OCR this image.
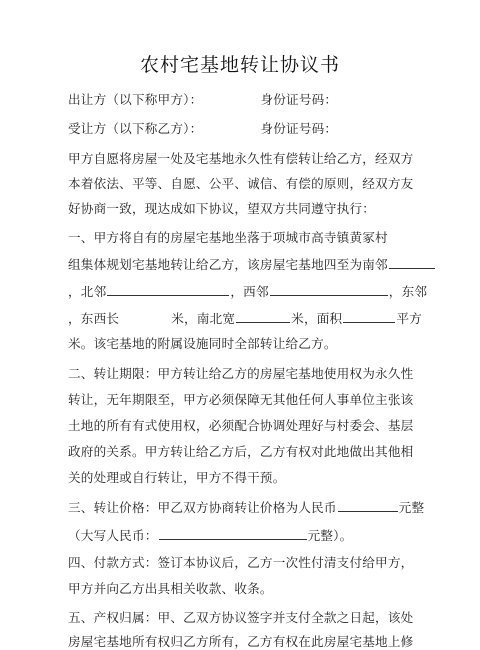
农村宅基地转让协议书
出让方（以下称甲方）：	身份证号码：
受让方（以下称乙方）：	身份证号码：
甲方自愿将房屋一处及宅基地永久性有偿转让给乙方，经双方
本着依法、平等、自愿、公平、诚信、有偿的原则，经双方友
好协商一致，现达成如下协议，望双方共同遵守执行：
一、甲方将自有的房屋宅基地坐落于项城市高寺镇黄冢村
组集体规划宅基地转让给乙方，该房屋宅基地四至为南邻
，北邻	，西邻	，东邻
，东西长	米，南北宽	米，面积	平方
米。该宅基地的附属设施同时全部转让给乙方。
二、转让期限：甲方转让给乙方的房屋宅基地使用权为永久性
转让，无年期限至，甲方必须保障无其他任何人事单位主张该
土地的所有有式使用权，必须配合协调处理好与村委会、基层
政府的关系。甲方转让给乙方后，乙方有权对此地做出其他相
关的处理或自行转让，甲方不得干预。
三、转让价格：甲乙双方协商转让价格为人民币	元整
（大写人民币：	元整）。
四、付款方式：签订本协议后，乙方一次性付清支付给甲方，
甲方并向乙方出具相关收款、收条。
五、产权归属：甲、乙双方协议签字并支付全款之日起，该处
房屋宅基地所有权归乙方所有，乙方有权在此房屋宅基地上修
